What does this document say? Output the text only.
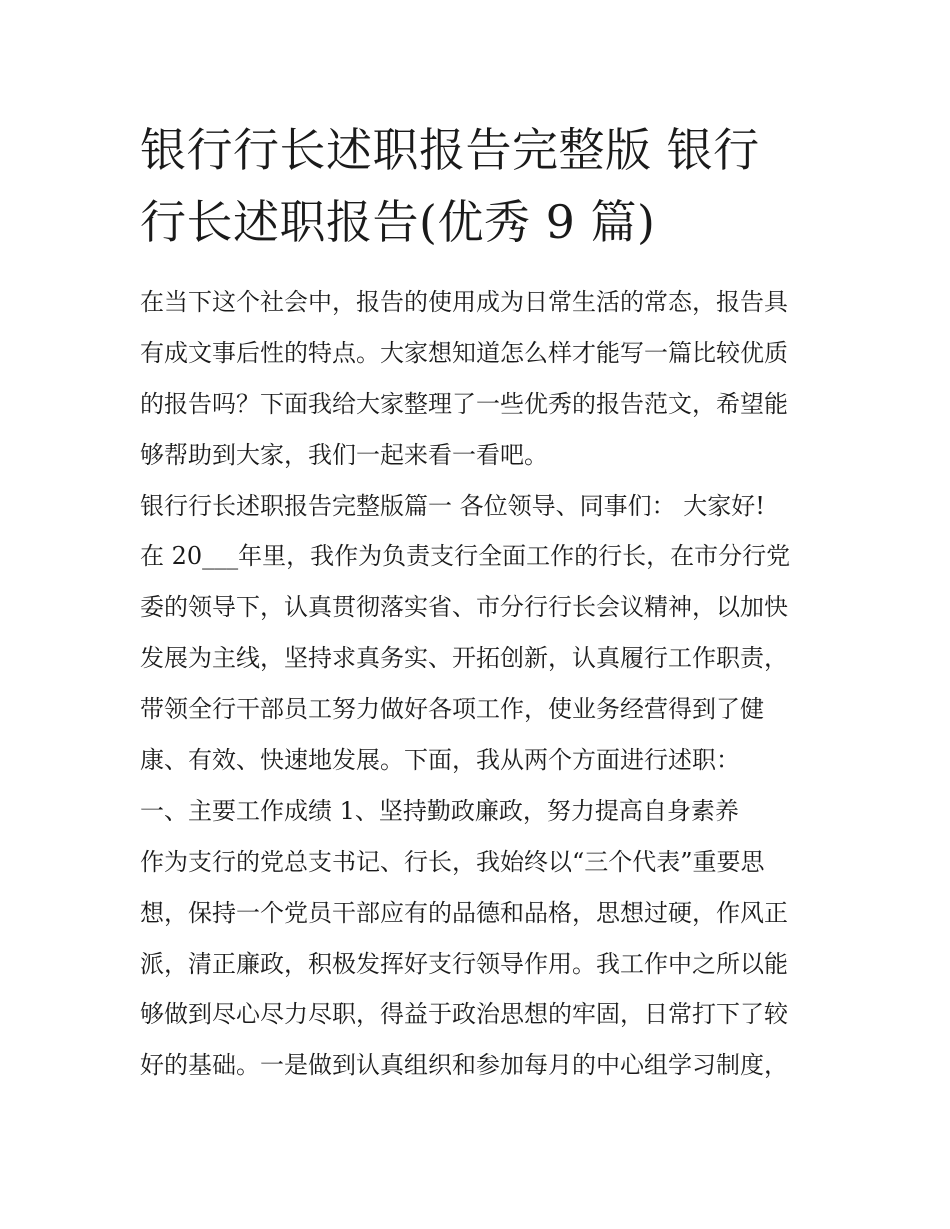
银行行长述职报告完整版 银行
行长述职报告(优秀 9 篇)
在当下这个社会中，报告的使用成为日常生活的常态，报告具
有成文事后性的特点。大家想知道怎么样才能写一篇比较优质
的报告吗？下面我给大家整理了一些优秀的报告范文，希望能
够帮助到大家，我们一起来看一看吧。
银行行长述职报告完整版篇一 各位领导、同事们： 大家好!
在 20___年里，我作为负责支行全面工作的行长，在市分行党
委的领导下，认真贯彻落实省、市分行行长会议精神，以加快
发展为主线，坚持求真务实、开拓创新，认真履行工作职责，
带领全行干部员工努力做好各项工作，使业务经营得到了健
康、有效、快速地发展。下面，我从两个方面进行述职：
一、主要工作成绩 1、坚持勤政廉政，努力提高自身素养
作为支行的党总支书记、行长，我始终以“三个代表”重要思
想，保持一个党员干部应有的品德和品格，思想过硬，作风正
派，清正廉政，积极发挥好支行领导作用。我工作中之所以能
够做到尽心尽力尽职，得益于政治思想的牢固，日常打下了较
好的基础。一是做到认真组织和参加每月的中心组学习制度，
